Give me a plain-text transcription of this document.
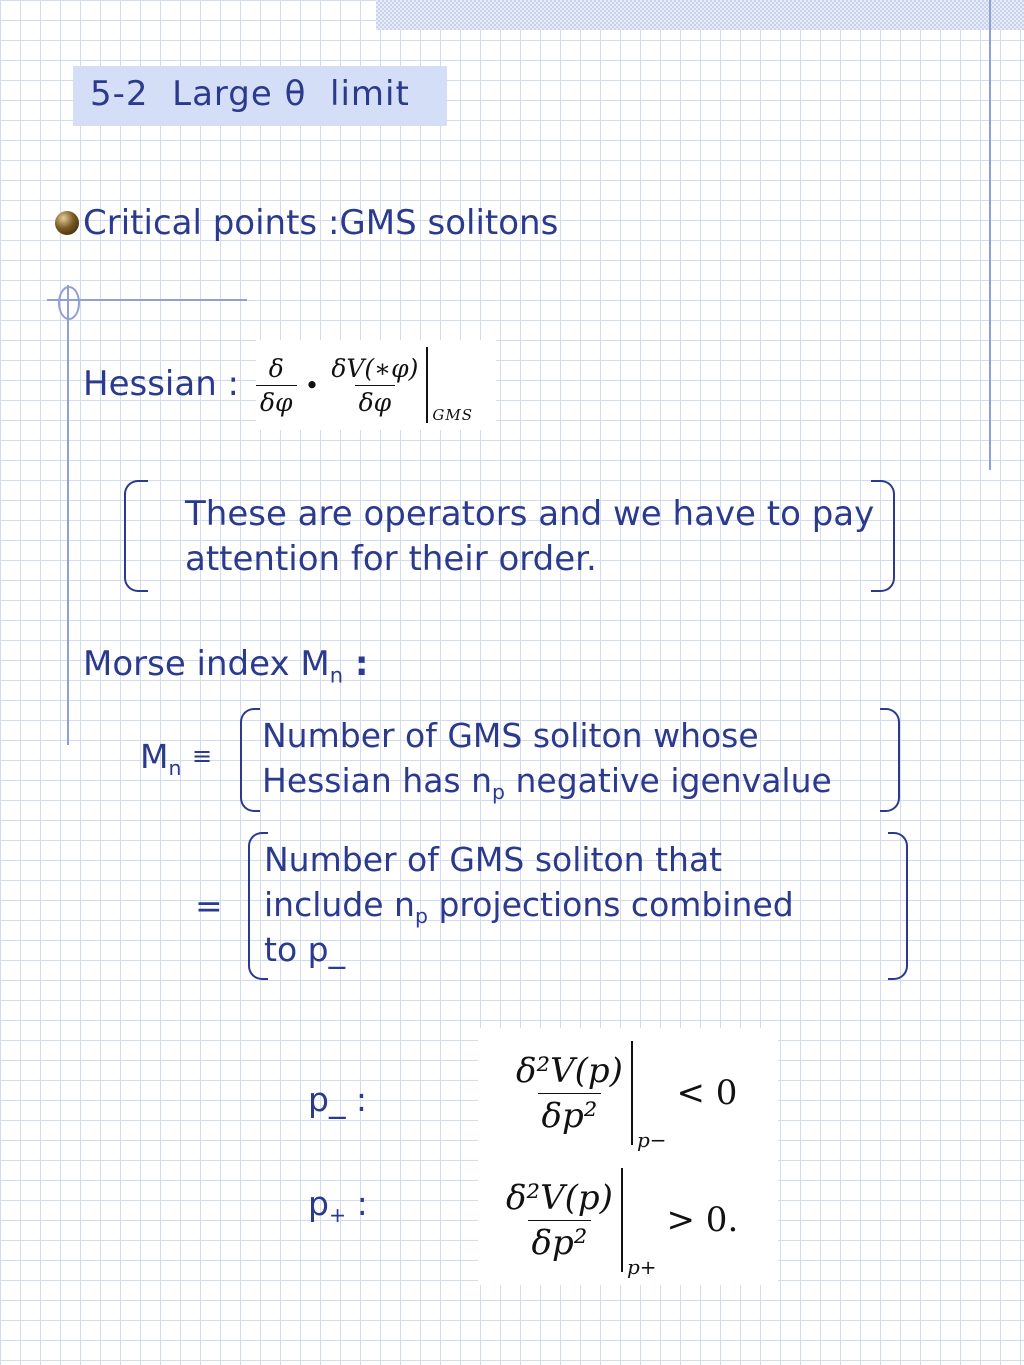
5-2  Large θ  limit
Critical points :GMS solitons
Hessian : $\frac{\delta}{\delta\varphi}$ • $\frac{\delta V(∗\varphi)}{\delta\varphi}$ GMS
These are operators and we have to pay
attention for their order.
Morse index $M_n$ :
$M_n$ ≡
Number of GMS soliton whose
Hessian has $n_p$ negative igenvalue
=
Number of GMS soliton that
include $n_p$ projections combined
to p_
p_ :	$\frac{\text{δ²V(p)}}{\text{δp²}}$
p−
< 0
$p_+$ :	$\frac{\text{δ²V(p)}}{\text{δp²}}$
p+
> 0.
